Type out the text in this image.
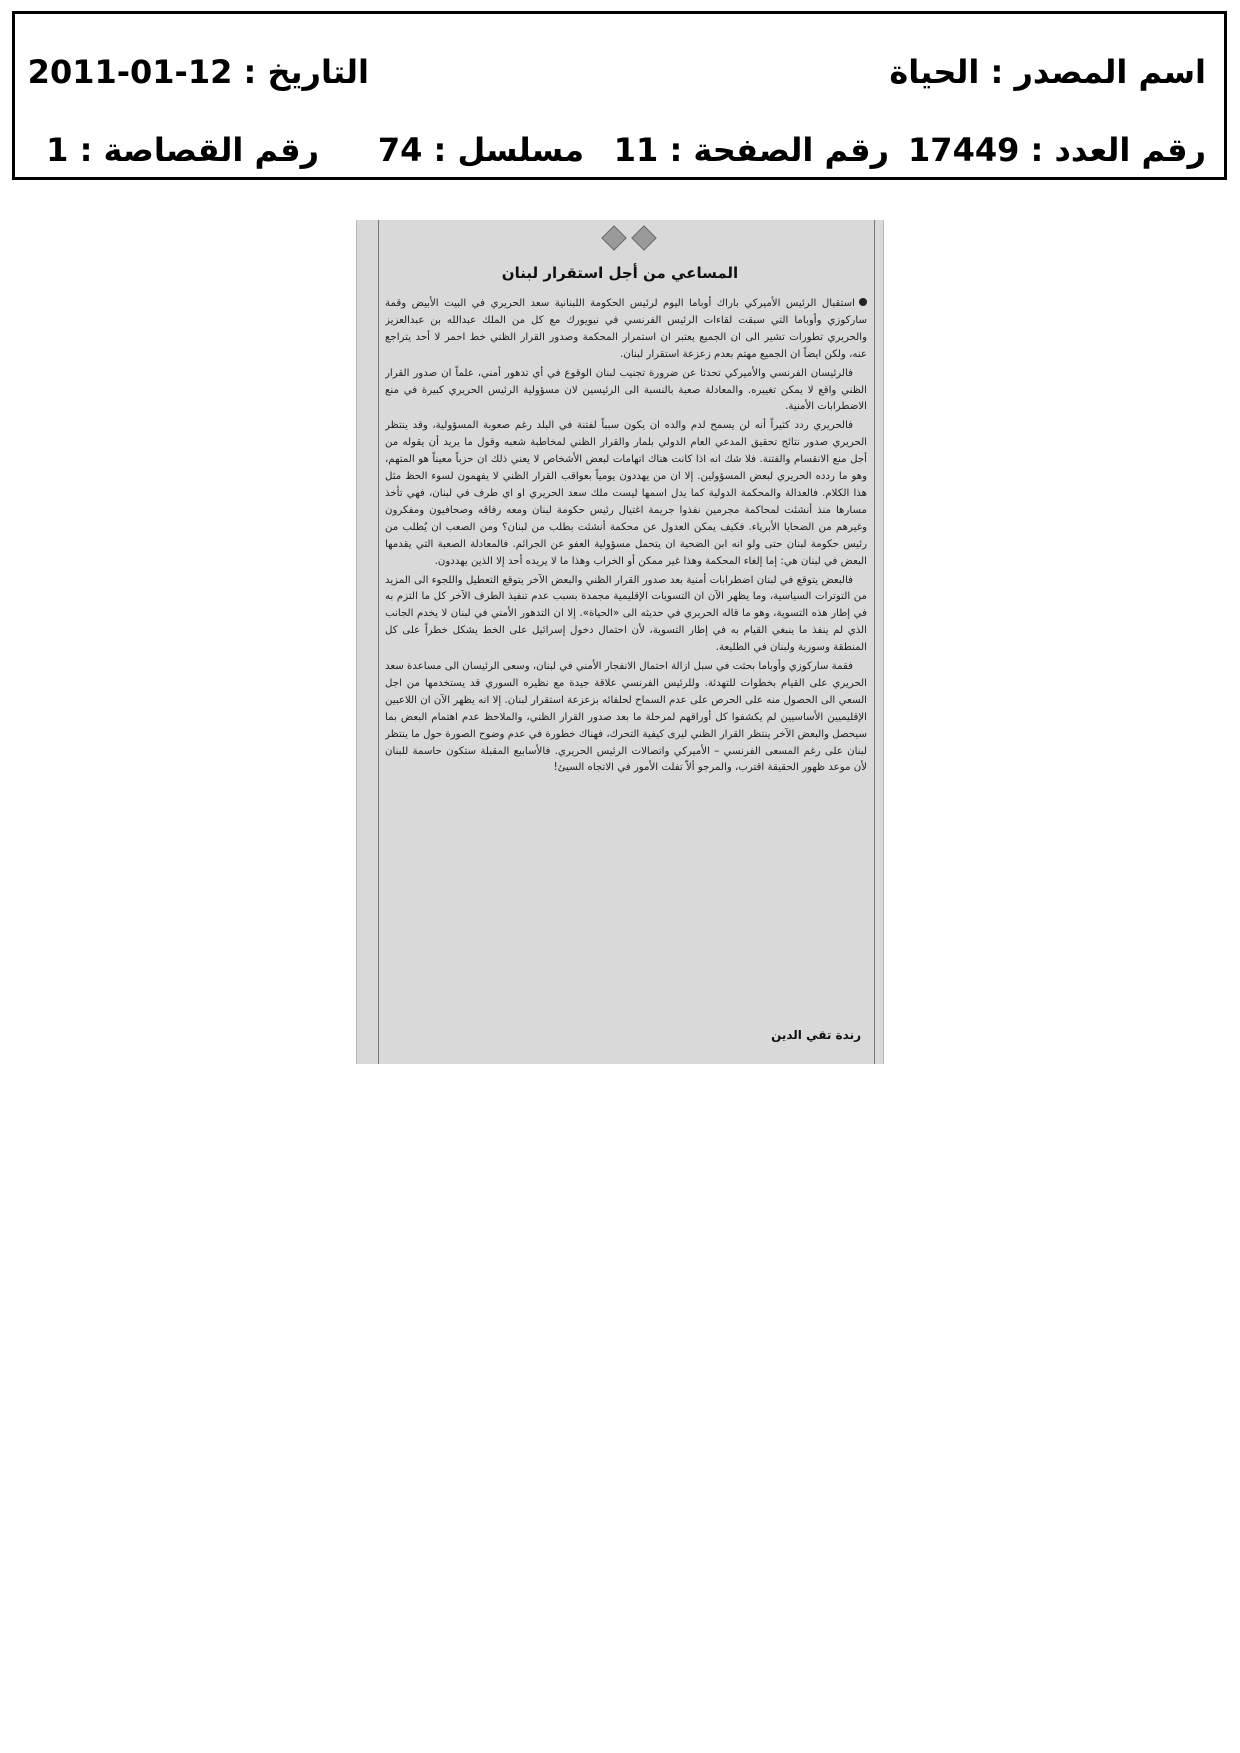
اسم المصدر : الحياة
التاريخ : 12-01-2011
رقم العدد : 17449
رقم الصفحة : 11
مسلسل : 74
رقم القصاصة : 1
المساعي من أجل استقرار لبنان

استقبال الرئيس الأميركي باراك أوباما اليوم لرئيس الحكومة اللبنانية سعد الحريري في البيت الأبيض وقمة ساركوزي وأوباما التي سبقت لقاءات الرئيس الفرنسي في نيويورك مع كل من الملك عبدالله بن عبدالعزيز والحريري تطورات تشير الى ان الجميع يعتبر ان استمرار المحكمة وصدور القرار الظني خط احمر لا أحد يتراجع عنه، ولكن ايضاً ان الجميع مهتم بعدم زعزعة استقرار لبنان.

فالرئيسان الفرنسي والأميركي تحدثا عن ضرورة تجنيب لبنان الوقوع في أي تدهور أمني، علماً ان صدور القرار الظني واقع لا يمكن تغييره. والمعادلة صعبة بالنسبة الى الرئيسين لان مسؤولية الرئيس الحريري كبيرة في منع الاضطرابات الأمنية.

فالحريري ردد كثيراً أنه لن يسمح لدم والده ان يكون سبباً لفتنة في البلد رغم صعوبة المسؤولية، وقد ينتظر الحريري صدور نتائج تحقيق المدعي العام الدولي بلمار والقرار الظني لمخاطبة شعبه وقول ما يريد أن يقوله من أجل منع الانقسام والفتنة. فلا شك انه اذا كانت هناك اتهامات لبعض الأشخاص لا يعني ذلك ان حزباً معيناً هو المتهم، وهو ما ردده الحريري لبعض المسؤولين. إلا ان من يهددون يومياً بعواقب القرار الظني لا يفهمون لسوء الحظ مثل هذا الكلام. فالعدالة والمحكمة الدولية كما يدل اسمها ليست ملك سعد الحريري او اي طرف في لبنان، فهي تأخذ مسارها منذ أنشئت لمحاكمة مجرمين نفذوا جريمة اغتيال رئيس حكومة لبنان ومعه رفاقه وصحافيون ومفكرون وغيرهم من الضحايا الأبرياء. فكيف يمكن العدول عن محكمة أنشئت بطلب من لبنان؟ ومن الصعب ان يُطلب من رئيس حكومة لبنان حتى ولو انه ابن الضحية ان يتحمل مسؤولية العفو عن الجرائم. فالمعادلة الصعبة التي يقدمها البعض في لبنان هي: إما إلغاء المحكمة وهذا غير ممكن أو الخراب وهذا ما لا يريده أحد إلا الذين يهددون.

فالبعض يتوقع في لبنان اضطرابات أمنية بعد صدور القرار الظني والبعض الآخر يتوقع التعطيل واللجوء الى المزيد من التوترات السياسية، وما يظهر الآن ان التسويات الإقليمية مجمدة بسبب عدم تنفيذ الطرف الآخر كل ما التزم به في إطار هذه التسوية، وهو ما قاله الحريري في حديثه الى «الحياة». إلا ان التدهور الأمني في لبنان لا يخدم الجانب الذي لم ينفذ ما ينبغي القيام به في إطار التسوية، لأن احتمال دخول إسرائيل على الخط يشكل خطراً على كل المنطقة وسورية ولبنان في الطليعة.

فقمة ساركوزي وأوباما بحثت في سبل ازالة احتمال الانفجار الأمني في لبنان، وسعى الرئيسان الى مساعدة سعد الحريري على القيام بخطوات للتهدئة. وللرئيس الفرنسي علاقة جيدة مع نظيره السوري قد يستخدمها من اجل السعي الى الحصول منه على الحرص على عدم السماح لحلفائه بزعزعة استقرار لبنان. إلا انه يظهر الآن ان اللاعبين الإقليميين الأساسيين لم يكشفوا كل أوراقهم لمرحلة ما بعد صدور القرار الظني، والملاحظ عدم اهتمام البعض بما سيحصل والبعض الآخر ينتظر القرار الظني ليرى كيفية التحرك، فهناك خطورة في عدم وضوح الصورة حول ما ينتظر لبنان على رغم المسعى الفرنسي – الأميركي واتصالات الرئيس الحريري. فالأسابيع المقبلة ستكون حاسمة للبنان لأن موعد ظهور الحقيقة اقترب، والمرجو ألاّ تفلت الأمور في الاتجاه السيئ!

رندة تقي الدين
